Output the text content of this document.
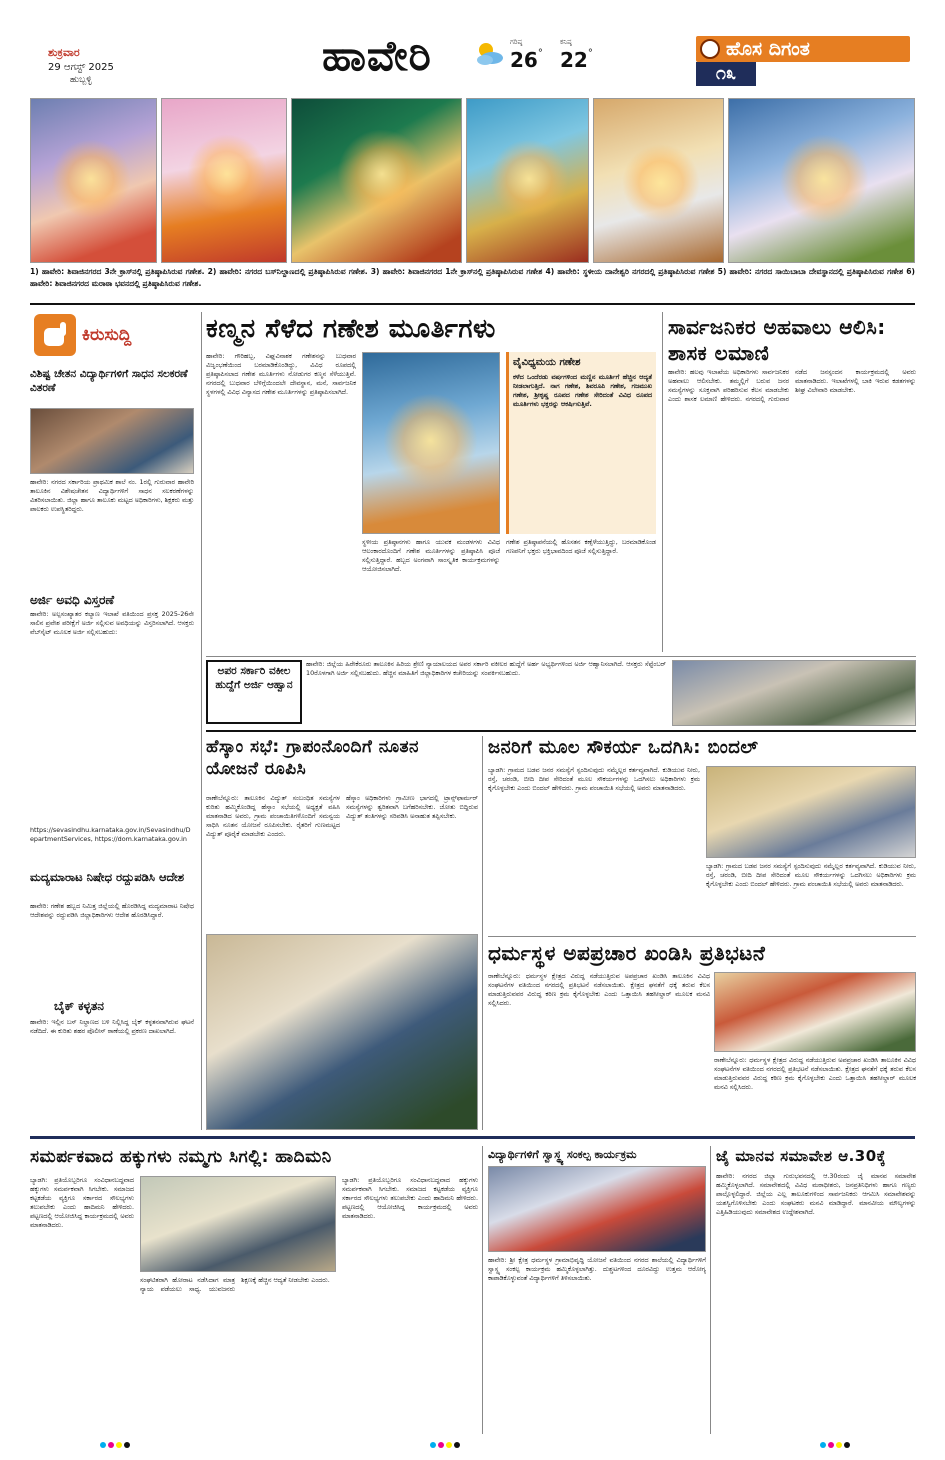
ಶುಕ್ರವಾರ
29 ಆಗಸ್ಟ್ 2025
ಹುಬ್ಬಳ್ಳಿ
ಹಾವೇರಿ	ಗರಿಷ್ಠ
26°
ಕನಿಷ್ಠ
22°	ಹೊಸ ದಿಗಂತ
೧೩
1) ಹಾವೇರಿ: ಶಿವಾಜಿನಗರದ 3ನೇ ಕ್ರಾಸ್‍ನಲ್ಲಿ ಪ್ರತಿಷ್ಠಾಪಿಸಿರುವ ಗಣೇಶ. 2) ಹಾವೇರಿ: ನಗರದ ಬಸ್‍ನಿಲ್ದಾಣದಲ್ಲಿ ಪ್ರತಿಷ್ಠಾಪಿಸಿರುವ ಗಣೇಶ. 3) ಹಾವೇರಿ: ಶಿವಾಜಿನಗರದ 1ನೇ ಕ್ರಾಸ್‍ನಲ್ಲಿ ಪ್ರತಿಷ್ಠಾಪಿಸಿರುವ ಗಣೇಶ 4) ಹಾವೇರಿ: ಸ್ಥಳೀಯ ದಾನೇಶ್ವರಿ ನಗರದಲ್ಲಿ ಪ್ರತಿಷ್ಠಾಪಿಸಿರುವ ಗಣೇಶ 5) ಹಾವೇರಿ: ನಗರದ ಸಾಯಿಬಾಬಾ ದೇವಸ್ಥಾನದಲ್ಲಿ ಪ್ರತಿಷ್ಠಾಪಿಸಿರುವ ಗಣೇಶ 6) ಹಾವೇರಿ: ಶಿವಾಜಿನಗರದ ಮರಾಠಾ ಭವನದಲ್ಲಿ ಪ್ರತಿಷ್ಠಾಪಿಸಿರುವ ಗಣೇಶ.
ಕಿರುಸುದ್ದಿ
ವಿಶಿಷ್ಟ ಚೇತನ ವಿದ್ಯಾರ್ಥಿಗಳಿಗೆ ಸಾಧನ ಸಲಕರಣೆ ವಿತರಣೆ
ಹಾವೇರಿ: ನಗರದ ಸರ್ಕಾರಿಯ ಪ್ರಾಥಮಿಕ ಶಾಲೆ ನಂ. 1ರಲ್ಲಿ ಗುರುವಾರ ಹಾವೇರಿ ತಾಲೂಕಿನ ವಿಶೇಷಚೇತನ ವಿದ್ಯಾರ್ಥಿಗಳಿಗೆ ಸಾಧನ ಸಲಕರಣೆಗಳನ್ನು ವಿತರಿಸಲಾಯಿತು. ಜಿಲ್ಲಾ ಹಾಗೂ ತಾಲೂಕು ಮಟ್ಟದ ಅಧಿಕಾರಿಗಳು, ಶಿಕ್ಷಕರು ಮತ್ತು ಪಾಲಕರು ಉಪಸ್ಥಿತರಿದ್ದರು.
ಅರ್ಜಿ ಅವಧಿ ವಿಸ್ತರಣೆ
ಹಾವೇರಿ: ಅಲ್ಪಸಂಖ್ಯಾತರ ಕಲ್ಯಾಣ ಇಲಾಖೆ ವತಿಯಿಂದ ಪ್ರಸಕ್ತ 2025-26ನೇ ಸಾಲಿನ ಪ್ರವೇಶ ಪರೀಕ್ಷೆಗೆ ಅರ್ಜಿ ಸಲ್ಲಿಸುವ ಅವಧಿಯನ್ನು ವಿಸ್ತರಿಸಲಾಗಿದೆ. ಆಸಕ್ತರು ವೆಬ್‍ಸೈಟ್ ಮೂಲಕ ಅರ್ಜಿ ಸಲ್ಲಿಸಬಹುದು:
https://sevasindhu.karnataka.gov.in/Sevasindhu/DepartmentServices, https://dom.karnataka.gov.in
ಮದ್ಯಮಾರಾಟ ನಿಷೇಧ ರದ್ದುಪಡಿಸಿ ಆದೇಶ
ಹಾವೇರಿ: ಗಣೇಶ ಹಬ್ಬದ ನಿಮಿತ್ತ ಜಿಲ್ಲೆಯಲ್ಲಿ ಹೊರಡಿಸಿದ್ದ ಮದ್ಯಮಾರಾಟ ನಿಷೇಧ ಆದೇಶವನ್ನು ರದ್ದುಪಡಿಸಿ ಜಿಲ್ಲಾಧಿಕಾರಿಗಳು ಆದೇಶ ಹೊರಡಿಸಿದ್ದಾರೆ.
ಬೈಕ್ ಕಳ್ಳತನ
ಹಾವೇರಿ: ಇಲ್ಲಿನ ಬಸ್ ನಿಲ್ದಾಣದ ಬಳಿ ನಿಲ್ಲಿಸಿದ್ದ ಬೈಕ್ ಕಳ್ಳತನವಾಗಿರುವ ಘಟನೆ ನಡೆದಿದೆ. ಈ ಕುರಿತು ಶಹರ ಪೊಲೀಸ್ ಠಾಣೆಯಲ್ಲಿ ಪ್ರಕರಣ ದಾಖಲಾಗಿದೆ.
ಕಣ್ಮನ ಸೆಳೆದ ಗಣೇಶ ಮೂರ್ತಿಗಳು
ಹಾವೇರಿ: ಗೌರಿಹಬ್ಬ, ವಿಘ್ನವಿನಾಶಕ ಗಣೇಶನನ್ನು ಬುಧವಾರ ವಿಜೃಂಭಣೆಯಿಂದ ಬರಮಾಡಿಕೊಂಡಿದ್ದು, ವಿವಿಧ ರೂಪದಲ್ಲಿ ಪ್ರತಿಷ್ಠಾಪಿಸಲಾದ ಗಣೇಶ ಮೂರ್ತಿಗಳು ನೋಡುಗರ ಕಣ್ಮನ ಸೆಳೆಯುತ್ತಿವೆ. ನಗರದಲ್ಲಿ ಬುಧವಾರ ಬೆಳಿಗ್ಗೆಯಿಂದಲೇ ದೇವಸ್ಥಾನ, ಮನೆ, ಸಾರ್ವಜನಿಕ ಸ್ಥಳಗಳಲ್ಲಿ ವಿವಿಧ ವಿನ್ಯಾಸದ ಗಣೇಶ ಮೂರ್ತಿಗಳನ್ನು ಪ್ರತಿಷ್ಠಾಪಿಸಲಾಗಿದೆ.
ವೈವಿಧ್ಯಮಯ ಗಣೇಶ
ಕಳೆದ ಒಂದೆರಡು ವರ್ಷಗಳಿಂದ ಮಣ್ಣಿನ ಮೂರ್ತಿಗೆ ಹೆಚ್ಚಿನ ಆದ್ಯತೆ ನೀಡಲಾಗುತ್ತಿದೆ. ನಾಗ ಗಣೇಶ, ಶಿವರೂಪಿ ಗಣೇಶ, ಗಜಮುಖ ಗಣೇಶ, ಶ್ರೀಕೃಷ್ಣ ರೂಪದ ಗಣೇಶ ಸೇರಿದಂತೆ ವಿವಿಧ ರೂಪದ ಮೂರ್ತಿಗಳು ಭಕ್ತರನ್ನು ಆಕರ್ಷಿಸುತ್ತಿವೆ.
ಸ್ಥಳೀಯ ಪ್ರತಿಷ್ಠಾನಗಳು ಹಾಗೂ ಯುವಕ ಮಂಡಳಗಳು ವಿವಿಧ ಆಲಂಕಾರದೊಂದಿಗೆ ಗಣೇಶ ಮೂರ್ತಿಗಳನ್ನು ಪ್ರತಿಷ್ಠಾಪಿಸಿ ಪೂಜೆ ಸಲ್ಲಿಸುತ್ತಿದ್ದಾರೆ. ಹಬ್ಬದ ಅಂಗವಾಗಿ ಸಾಂಸ್ಕೃತಿಕ ಕಾರ್ಯಕ್ರಮಗಳನ್ನು ಆಯೋಜಿಸಲಾಗಿದೆ.
ಗಣೇಶ ಪ್ರತಿಷ್ಠಾಪನೆಯಲ್ಲಿ ಹೊಸತನ ಕಣ್ಸೆಳೆಯುತ್ತಿದ್ದು, ಬರಮಾಡಿಕೊಂಡ ಗಣಪನಿಗೆ ಭಕ್ತರು ಭಕ್ತಿಭಾವದಿಂದ ಪೂಜೆ ಸಲ್ಲಿಸುತ್ತಿದ್ದಾರೆ.
ಸಾರ್ವಜನಿಕರ ಅಹವಾಲು ಆಲಿಸಿ: ಶಾಸಕ ಲಮಾಣಿ
ಹಾವೇರಿ: ಹಲವು ಇಲಾಖೆಯ ಅಧಿಕಾರಿಗಳು ಸಾರ್ವಜನಿಕರ ಅಹವಾಲು ಆಲಿಸಬೇಕು. ತಮ್ಮಲ್ಲಿಗೆ ಬರುವ ಜನರ ಸಮಸ್ಯೆಗಳನ್ನು ಸೂಕ್ತವಾಗಿ ಪರಿಹರಿಸುವ ಕೆಲಸ ಮಾಡಬೇಕು ಎಂದು ಶಾಸಕ ಲಮಾಣಿ ಹೇಳಿದರು. ನಗರದಲ್ಲಿ ಗುರುವಾರ ನಡೆದ ಜನಸ್ಪಂದನ ಕಾರ್ಯಕ್ರಮದಲ್ಲಿ ಅವರು ಮಾತನಾಡಿದರು. ಇಲಾಖೆಗಳಲ್ಲಿ ಬಾಕಿ ಇರುವ ಕಡತಗಳನ್ನು ಶೀಘ್ರ ವಿಲೇವಾರಿ ಮಾಡಬೇಕು.
ಅಪರ ಸರ್ಕಾರಿ ವಕೀಲ ಹುದ್ದೆಗೆ ಅರ್ಜಿ ಆಹ್ವಾನ
ಹಾವೇರಿ: ಜಿಲ್ಲೆಯ ಹಿರೇಕೆರೂರು ತಾಲೂಕಿನ ಹಿರಿಯ ಶ್ರೇಣಿ ನ್ಯಾಯಾಲಯದ ಅಪರ ಸರ್ಕಾರಿ ವಕೀಲರ ಹುದ್ದೆಗೆ ಅರ್ಹ ಅಭ್ಯರ್ಥಿಗಳಿಂದ ಅರ್ಜಿ ಆಹ್ವಾನಿಸಲಾಗಿದೆ. ಆಸಕ್ತರು ಸೆಪ್ಟೆಂಬರ್ 10ರೊಳಗಾಗಿ ಅರ್ಜಿ ಸಲ್ಲಿಸಬಹುದು. ಹೆಚ್ಚಿನ ಮಾಹಿತಿಗೆ ಜಿಲ್ಲಾಧಿಕಾರಿಗಳ ಕಚೇರಿಯನ್ನು ಸಂಪರ್ಕಿಸಬಹುದು.
ಹೆಸ್ಕಾಂ ಸಭೆ: ಗ್ರಾಪಂನೊಂದಿಗೆ ನೂತನ ಯೋಜನೆ ರೂಪಿಸಿ
ರಾಣೇಬೆನ್ನೂರು: ತಾಲೂಕಿನ ವಿದ್ಯುತ್ ಸಂಬಂಧಿತ ಸಮಸ್ಯೆಗಳ ಕುರಿತು ಹಮ್ಮಿಕೊಂಡಿದ್ದ ಹೆಸ್ಕಾಂ ಸಭೆಯಲ್ಲಿ ಅಧ್ಯಕ್ಷತೆ ವಹಿಸಿ ಮಾತನಾಡಿದ ಅವರು, ಗ್ರಾಮ ಪಂಚಾಯಿತಿಗಳೊಂದಿಗೆ ಸಮನ್ವಯ ಸಾಧಿಸಿ ನೂತನ ಯೋಜನೆ ರೂಪಿಸಬೇಕು. ರೈತರಿಗೆ ಗುಣಮಟ್ಟದ ವಿದ್ಯುತ್ ಪೂರೈಕೆ ಮಾಡಬೇಕು ಎಂದರು.
ಹೆಸ್ಕಾಂ ಅಧಿಕಾರಿಗಳು ಗ್ರಾಮೀಣ ಭಾಗದಲ್ಲಿ ಟ್ರಾನ್ಸ್‌ಫಾರ್ಮರ್ ಸಮಸ್ಯೆಗಳನ್ನು ತ್ವರಿತವಾಗಿ ಬಗೆಹರಿಸಬೇಕು. ಜೋತು ಬಿದ್ದಿರುವ ವಿದ್ಯುತ್ ತಂತಿಗಳನ್ನು ಸರಿಪಡಿಸಿ ಅನಾಹುತ ತಪ್ಪಿಸಬೇಕು.
ಜನರಿಗೆ ಮೂಲ ಸೌಕರ್ಯ ಒದಗಿಸಿ: ಬಿಂದಲ್
ಬ್ಯಾಡಗಿ: ಗ್ರಾಮದ ಬಡವ ಜನರ ಸಮಸ್ಯೆಗೆ ಸ್ಪಂದಿಸುವುದು ನಮ್ಮೆಲ್ಲರ ಕರ್ತವ್ಯವಾಗಿದೆ. ಕುಡಿಯುವ ನೀರು, ರಸ್ತೆ, ಚರಂಡಿ, ಬೀದಿ ದೀಪ ಸೇರಿದಂತೆ ಮೂಲ ಸೌಕರ್ಯಗಳನ್ನು ಒದಗಿಸಲು ಅಧಿಕಾರಿಗಳು ಕ್ರಮ ಕೈಗೊಳ್ಳಬೇಕು ಎಂದು ಬಿಂದಲ್ ಹೇಳಿದರು. ಗ್ರಾಮ ಪಂಚಾಯಿತಿ ಸಭೆಯಲ್ಲಿ ಅವರು ಮಾತನಾಡಿದರು.
ಬ್ಯಾಡಗಿ: ಗ್ರಾಮದ ಬಡವ ಜನರ ಸಮಸ್ಯೆಗೆ ಸ್ಪಂದಿಸುವುದು ನಮ್ಮೆಲ್ಲರ ಕರ್ತವ್ಯವಾಗಿದೆ. ಕುಡಿಯುವ ನೀರು, ರಸ್ತೆ, ಚರಂಡಿ, ಬೀದಿ ದೀಪ ಸೇರಿದಂತೆ ಮೂಲ ಸೌಕರ್ಯಗಳನ್ನು ಒದಗಿಸಲು ಅಧಿಕಾರಿಗಳು ಕ್ರಮ ಕೈಗೊಳ್ಳಬೇಕು ಎಂದು ಬಿಂದಲ್ ಹೇಳಿದರು. ಗ್ರಾಮ ಪಂಚಾಯಿತಿ ಸಭೆಯಲ್ಲಿ ಅವರು ಮಾತನಾಡಿದರು.
ಧರ್ಮಸ್ಥಳ ಅಪಪ್ರಚಾರ ಖಂಡಿಸಿ ಪ್ರತಿಭಟನೆ
ರಾಣೇಬೆನ್ನೂರು: ಧರ್ಮಸ್ಥಳ ಕ್ಷೇತ್ರದ ವಿರುದ್ಧ ನಡೆಯುತ್ತಿರುವ ಅಪಪ್ರಚಾರ ಖಂಡಿಸಿ ತಾಲೂಕಿನ ವಿವಿಧ ಸಂಘಟನೆಗಳ ವತಿಯಿಂದ ನಗರದಲ್ಲಿ ಪ್ರತಿಭಟನೆ ನಡೆಸಲಾಯಿತು. ಕ್ಷೇತ್ರದ ಘನತೆಗೆ ಧಕ್ಕೆ ತರುವ ಕೆಲಸ ಮಾಡುತ್ತಿರುವವರ ವಿರುದ್ಧ ಕಠಿಣ ಕ್ರಮ ಕೈಗೊಳ್ಳಬೇಕು ಎಂದು ಒತ್ತಾಯಿಸಿ ತಹಸೀಲ್ದಾರ್ ಮೂಲಕ ಮನವಿ ಸಲ್ಲಿಸಿದರು.
ರಾಣೇಬೆನ್ನೂರು: ಧರ್ಮಸ್ಥಳ ಕ್ಷೇತ್ರದ ವಿರುದ್ಧ ನಡೆಯುತ್ತಿರುವ ಅಪಪ್ರಚಾರ ಖಂಡಿಸಿ ತಾಲೂಕಿನ ವಿವಿಧ ಸಂಘಟನೆಗಳ ವತಿಯಿಂದ ನಗರದಲ್ಲಿ ಪ್ರತಿಭಟನೆ ನಡೆಸಲಾಯಿತು. ಕ್ಷೇತ್ರದ ಘನತೆಗೆ ಧಕ್ಕೆ ತರುವ ಕೆಲಸ ಮಾಡುತ್ತಿರುವವರ ವಿರುದ್ಧ ಕಠಿಣ ಕ್ರಮ ಕೈಗೊಳ್ಳಬೇಕು ಎಂದು ಒತ್ತಾಯಿಸಿ ತಹಸೀಲ್ದಾರ್ ಮೂಲಕ ಮನವಿ ಸಲ್ಲಿಸಿದರು.
ಸಮರ್ಪಕವಾದ ಹಕ್ಕುಗಳು ನಮ್ಮಗು ಸಿಗಲ್ಲಿ: ಹಾದಿಮನಿ
ಬ್ಯಾಡಗಿ: ಪ್ರತಿಯೊಬ್ಬರಿಗೂ ಸಂವಿಧಾನಬದ್ಧವಾದ ಹಕ್ಕುಗಳು ಸಮರ್ಪಕವಾಗಿ ಸಿಗಬೇಕು. ಸಮಾಜದ ಕಟ್ಟಕಡೆಯ ವ್ಯಕ್ತಿಗೂ ಸರ್ಕಾರದ ಸೌಲಭ್ಯಗಳು ತಲುಪಬೇಕು ಎಂದು ಹಾದಿಮನಿ ಹೇಳಿದರು. ಪಟ್ಟಣದಲ್ಲಿ ಆಯೋಜಿಸಿದ್ದ ಕಾರ್ಯಕ್ರಮದಲ್ಲಿ ಅವರು ಮಾತನಾಡಿದರು.
ಸಂಘಟಿತರಾಗಿ ಹೋರಾಟ ನಡೆಸಿದಾಗ ಮಾತ್ರ ನ್ಯಾಯ ಪಡೆಯಲು ಸಾಧ್ಯ. ಯುವಜನರು ಶಿಕ್ಷಣಕ್ಕೆ ಹೆಚ್ಚಿನ ಆದ್ಯತೆ ನೀಡಬೇಕು ಎಂದರು.
ಬ್ಯಾಡಗಿ: ಪ್ರತಿಯೊಬ್ಬರಿಗೂ ಸಂವಿಧಾನಬದ್ಧವಾದ ಹಕ್ಕುಗಳು ಸಮರ್ಪಕವಾಗಿ ಸಿಗಬೇಕು. ಸಮಾಜದ ಕಟ್ಟಕಡೆಯ ವ್ಯಕ್ತಿಗೂ ಸರ್ಕಾರದ ಸೌಲಭ್ಯಗಳು ತಲುಪಬೇಕು ಎಂದು ಹಾದಿಮನಿ ಹೇಳಿದರು. ಪಟ್ಟಣದಲ್ಲಿ ಆಯೋಜಿಸಿದ್ದ ಕಾರ್ಯಕ್ರಮದಲ್ಲಿ ಅವರು ಮಾತನಾಡಿದರು.
ವಿದ್ಯಾರ್ಥಿಗಳಿಗೆ ಸ್ವಾಸ್ಥ್ಯ ಸಂಕಲ್ಪ ಕಾರ್ಯಕ್ರಮ
ಹಾವೇರಿ: ಶ್ರೀ ಕ್ಷೇತ್ರ ಧರ್ಮಸ್ಥಳ ಗ್ರಾಮಾಭಿವೃದ್ಧಿ ಯೋಜನೆ ವತಿಯಿಂದ ನಗರದ ಶಾಲೆಯಲ್ಲಿ ವಿದ್ಯಾರ್ಥಿಗಳಿಗೆ ಸ್ವಾಸ್ಥ್ಯ ಸಂಕಲ್ಪ ಕಾರ್ಯಕ್ರಮ ಹಮ್ಮಿಕೊಳ್ಳಲಾಗಿತ್ತು. ದುಶ್ಚಟಗಳಿಂದ ದೂರವಿದ್ದು ಉತ್ತಮ ಆರೋಗ್ಯ ಕಾಪಾಡಿಕೊಳ್ಳುವಂತೆ ವಿದ್ಯಾರ್ಥಿಗಳಿಗೆ ತಿಳಿಸಲಾಯಿತು.
ಜೈ ಮಾನವ ಸಮಾವೇಶ ಆ.30ಕ್ಕೆ
ಹಾವೇರಿ: ನಗರದ ಜಿಲ್ಲಾ ಗುರುಭವನದಲ್ಲಿ ಆ.30ರಂದು ಜೈ ಮಾನವ ಸಮಾವೇಶ ಹಮ್ಮಿಕೊಳ್ಳಲಾಗಿದೆ. ಸಮಾವೇಶದಲ್ಲಿ ವಿವಿಧ ಮಠಾಧೀಶರು, ಜನಪ್ರತಿನಿಧಿಗಳು ಹಾಗೂ ಗಣ್ಯರು ಪಾಲ್ಗೊಳ್ಳಲಿದ್ದಾರೆ. ಜಿಲ್ಲೆಯ ಎಲ್ಲ ತಾಲೂಕುಗಳಿಂದ ಸಾರ್ವಜನಿಕರು ಆಗಮಿಸಿ ಸಮಾವೇಶವನ್ನು ಯಶಸ್ವಿಗೊಳಿಸಬೇಕು ಎಂದು ಸಂಘಟಕರು ಮನವಿ ಮಾಡಿದ್ದಾರೆ. ಮಾನವೀಯ ಮೌಲ್ಯಗಳನ್ನು ಎತ್ತಿಹಿಡಿಯುವುದು ಸಮಾವೇಶದ ಉದ್ದೇಶವಾಗಿದೆ.
